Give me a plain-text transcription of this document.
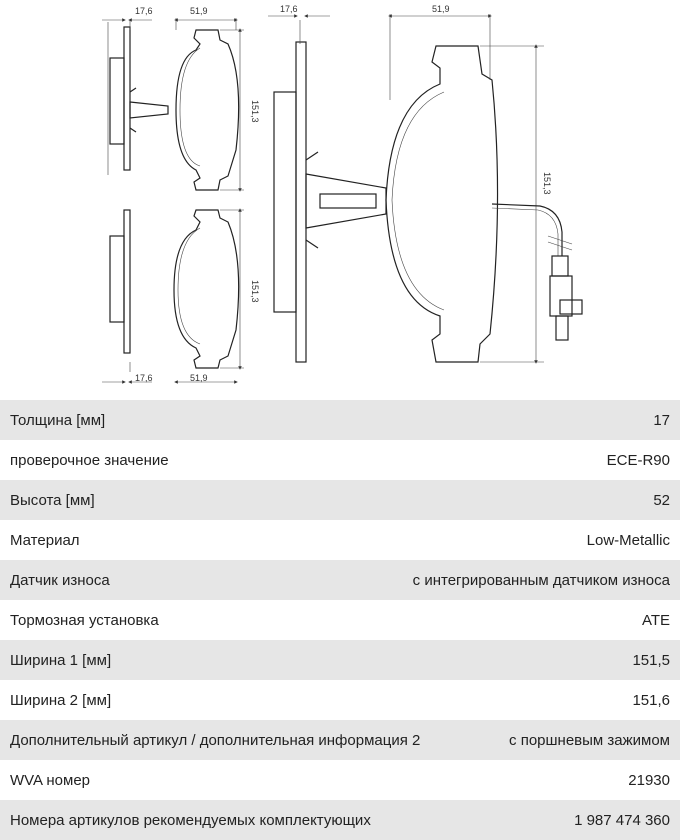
17,6	51,9
151,3
17,6	51,9
151,3
17,6	51,9
151,3
Толщина [мм]	17
проверочное значение	ECE-R90
Высота [мм]	52
Материал	Low-Metallic
Датчик износа	с интегрированным датчиком износа
Тормозная установка	ATE
Ширина 1 [мм]	151,5
Ширина 2 [мм]	151,6
Дополнительный артикул / дополнительная информация 2	с поршневым зажимом
WVA номер	21930
Номера артикулов рекомендуемых комплектующих	1 987 474 360
